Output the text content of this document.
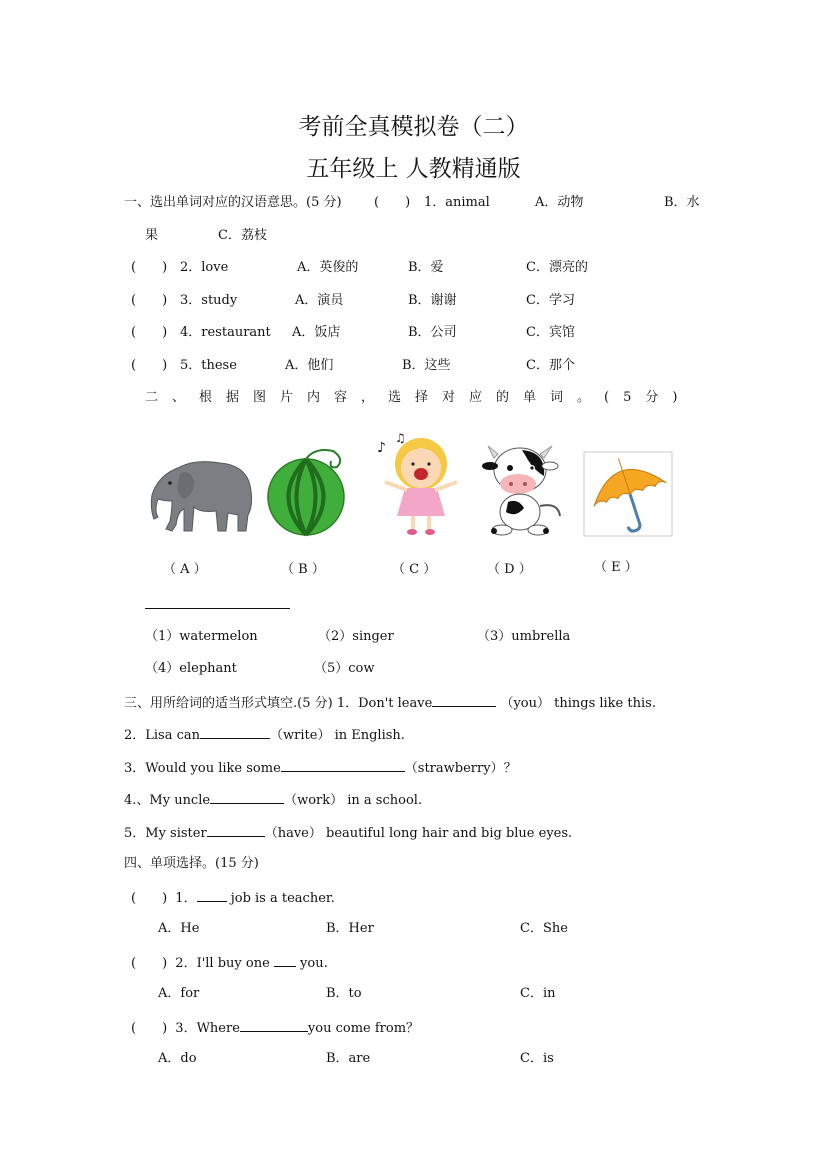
考前全真模拟卷（二）
五年级上 人教精通版
一、选出单词对应的汉语意思。(5 分) (　　) 1．animal	A．动物	B．水
果	C．荔枝
(　　) 2．love	A．英俊的	B．爱	C．漂亮的
(　　) 3．study	A．演员	B．谢谢	C．学习
(　　) 4．restaurant A．饭店	B．公司	C．宾馆
(　　) 5．these	A．他们	B．这些	C．那个
二、根据图片内容，选择对应的单词。(5分)
♪
♫
（ A ）	（ B ）	（ C ）	（ D ）	（ E ）
（1）watermelon	（2）singer	（3）umbrella
（4）elephant	（5）cow
三、用所给词的适当形式填空.(5 分) 1．Don't leave	（you） things like this.
2．Lisa can	（write） in English.
3．Would you like some	（strawberry）？
4.、My uncle	（work） in a school.
5．My sister	（have） beautiful long hair and big blue eyes.
四、单项选择。(15 分)
(　　) 1． job is a teacher.
A．He	B．Her	C．She
(　　) 2．I'll buy one  you.
A．for	B．to	C．in
(　　) 3．Where	you come from？
A．do	B．are	C．is
